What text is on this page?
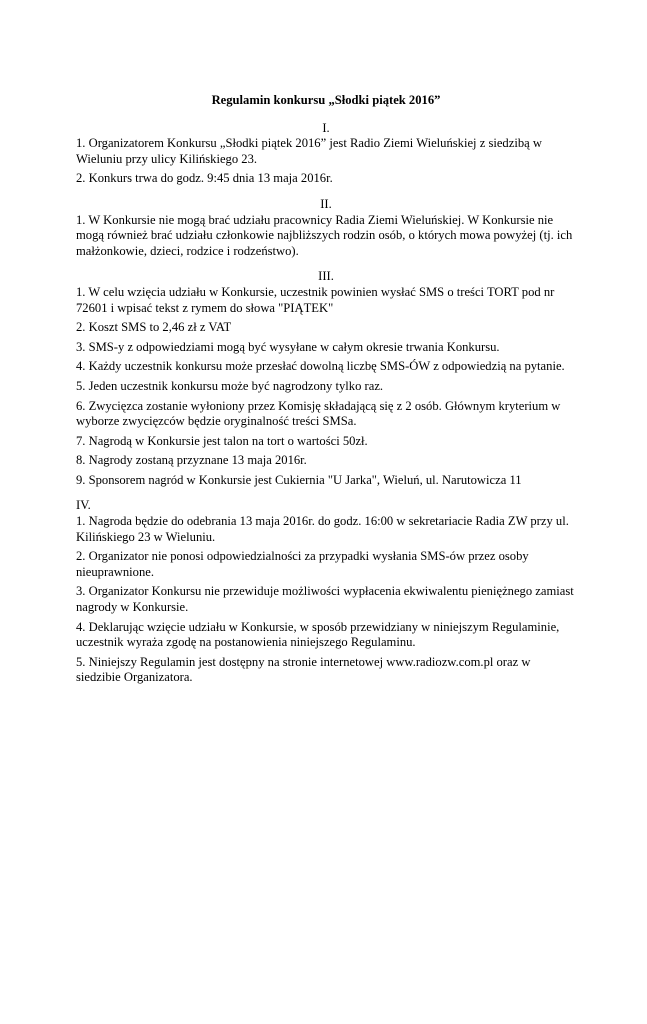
Regulamin konkursu „Słodki piątek 2016”
I.
1. Organizatorem Konkursu „Słodki piątek 2016” jest Radio Ziemi Wieluńskiej z siedzibą w Wieluniu przy ulicy Kilińskiego 23.
2. Konkurs trwa do godz. 9:45 dnia 13 maja 2016r.
II.
1. W Konkursie nie mogą brać udziału pracownicy Radia Ziemi Wieluńskiej. W Konkursie nie mogą również brać udziału członkowie najbliższych rodzin osób, o których mowa powyżej (tj. ich małżonkowie, dzieci, rodzice i rodzeństwo).
III.
1. W celu wzięcia udziału w Konkursie, uczestnik powinien wysłać SMS o treści TORT pod nr 72601 i wpisać tekst z rymem do słowa "PIĄTEK"
2. Koszt SMS to 2,46 zł z VAT
3. SMS-y z odpowiedziami mogą być wysyłane w całym okresie trwania Konkursu.
4. Każdy uczestnik konkursu może przesłać dowolną liczbę SMS-ÓW z odpowiedzią na pytanie.
5. Jeden uczestnik konkursu może być nagrodzony tylko raz.
6. Zwycięzca zostanie wyłoniony przez Komisję składającą się z 2 osób. Głównym kryterium w wyborze zwycięzców będzie oryginalność treści SMSa.
7. Nagrodą w Konkursie jest talon na tort o wartości 50zł.
8. Nagrody zostaną przyznane 13 maja 2016r.
9. Sponsorem nagród w Konkursie jest Cukiernia "U Jarka", Wieluń, ul. Narutowicza 11
IV.
1. Nagroda będzie do odebrania 13 maja 2016r. do godz. 16:00 w sekretariacie Radia ZW przy ul. Kilińskiego 23 w Wieluniu.
2. Organizator nie ponosi odpowiedzialności za przypadki wysłania SMS-ów przez osoby nieuprawnione.
3. Organizator Konkursu nie przewiduje możliwości wypłacenia ekwiwalentu pieniężnego zamiast nagrody w Konkursie.
4. Deklarując wzięcie udziału w Konkursie, w sposób przewidziany w niniejszym Regulaminie, uczestnik wyraża zgodę na postanowienia niniejszego Regulaminu.
5. Niniejszy Regulamin jest dostępny na stronie internetowej www.radiozw.com.pl oraz w siedzibie Organizatora.
